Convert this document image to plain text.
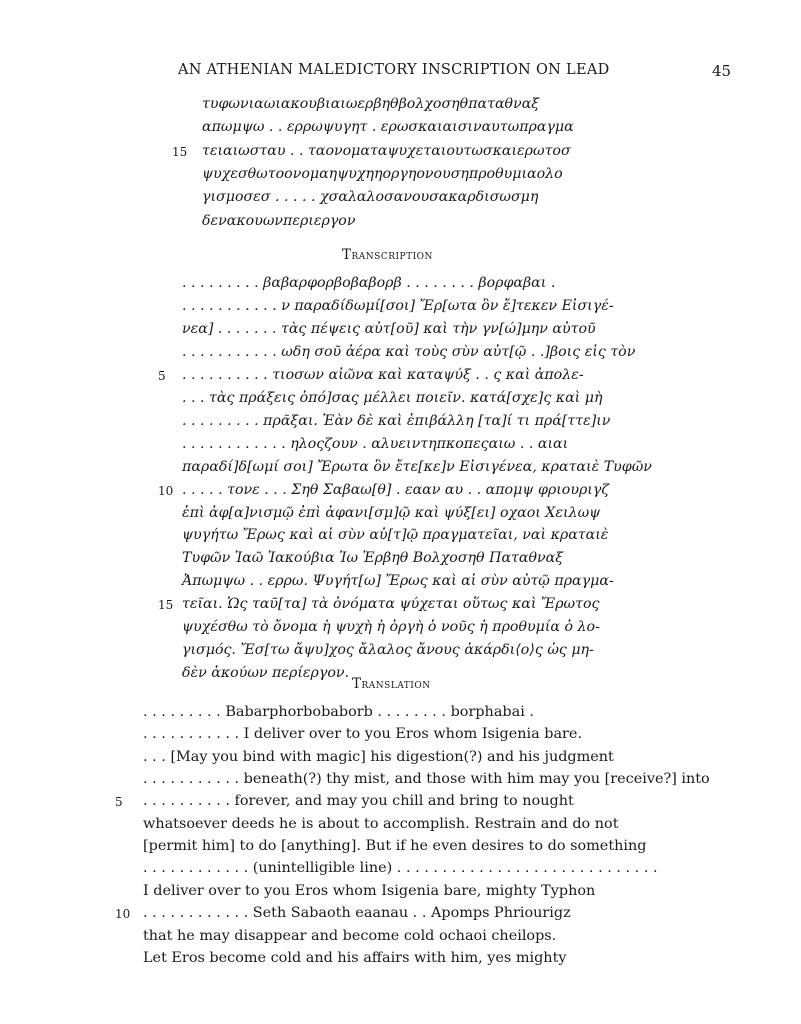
AN ATHENIAN MALEDICTORY INSCRIPTION ON LEAD	45
τυφωνιαωιακουβιαιωερβηθβολχοσηθπαταθναξ
απωμψω . . ερρωψυγητ . ερωσκαιαισιναυτωπραγμα
τειαιωσταυ . . ταονοματαψυχεταιουτωσκαιερωτοσ
15
ψυχεσθωτοονομαηψυχηηοργηονουσηπροθυμιαολο
γισμοσεσ . . . . . χσαλαλοσανουσακαρδισωσμη
δενακουωνπεριεργον
Transcription
. . . . . . . . . βαβαρφορβοβαβορβ . . . . . . . . βορφαβαι .
. . . . . . . . . . . ν παραδίδωμί[σοι] Ἔρ[ωτα ὃν ἔ]τεκεν Εἰσιγέ-
νεα] . . . . . . . τὰς πέψεις αὐτ[οῦ] καὶ τὴν γν[ώ]μην αὐτοῦ
. . . . . . . . . . . ωδη σοῦ ἀέρα καὶ τοὺς σὺν αὐτ[ῷ . .]βοις εἰς τὸν
. . . . . . . . . . τιοσων αἰῶνα καὶ καταψύξ . . ς καὶ ἀπολε-
5
. . . τὰς πράξεις ὁπό]σας μέλλει ποιεῖν. κατά[σχε]ς καὶ μὴ
. . . . . . . . . πρᾶξαι. Ἐὰν δὲ καὶ ἐπιβάλλη [τα]ί τι πρά[ττε]ιν
. . . . . . . . . . . . ηλοςζουν . αλυειντηπκοπεςαιω . . αιαι
παραδί]δ[ωμί σοι] Ἔρωτα ὃν ἔτε[κε]ν Εἰσιγένεα, κραταιὲ Τυφῶν
. . . . . τονε . . . Σηθ Σαβαω[θ] . εααν αυ . . απομψ φριουριγζ
10
ἐπὶ ἀφ[α]νισμῷ ἐπὶ ἀφανι[σμ]ῷ καὶ ψύξ[ει] οχαοι Χειλωψ
ψυγήτω Ἔρως καὶ αἱ σὺν αὐ[τ]ῷ πραγματεῖαι, ναὶ κραταιὲ
Τυφῶν Ἰαῶ Ἰακούβια Ἰω Ἐρβηθ Βολχοσηθ Παταθναξ
Ἀπωμψω . . ερρω. Ψυγήτ[ω] Ἔρως καὶ αἱ σὺν αὐτῷ πραγμα-
τεῖαι. Ὡς ταῦ[τα] τὰ ὀνόματα ψύχεται οὕτως καὶ Ἔρωτος
15
ψυχέσθω τὸ ὄνομα ἡ ψυχὴ ἡ ὀργὴ ὁ νοῦς ἡ προθυμία ὁ λο-
γισμός. Ἔσ[τω ἄψυ]χος ἄλαλος ἄνους ἀκάρδι⟨ο⟩ς ὡς μη-
δὲν ἀκούων περίεργον.
Translation
. . . . . . . . . Babarphorbobaborb . . . . . . . . borphabai .
. . . . . . . . . . . I deliver over to you Eros whom Isigenia bare.
. . . [May you bind with magic] his digestion(?) and his judgment
. . . . . . . . . . . beneath(?) thy mist, and those with him may you [receive?] into
. . . . . . . . . . forever, and may you chill and bring to nought
5
whatsoever deeds he is about to accomplish. Restrain and do not
[permit him] to do [anything]. But if he even desires to do something
. . . . . . . . . . . . (unintelligible line) . . . . . . . . . . . . . . . . . . . . . . . . . . . . .
I deliver over to you Eros whom Isigenia bare, mighty Typhon
. . . . . . . . . . . . Seth Sabaoth eaanau . . Apomps Phriourigz
10
that he may disappear and become cold ochaoi cheilops.
Let Eros become cold and his affairs with him, yes mighty
